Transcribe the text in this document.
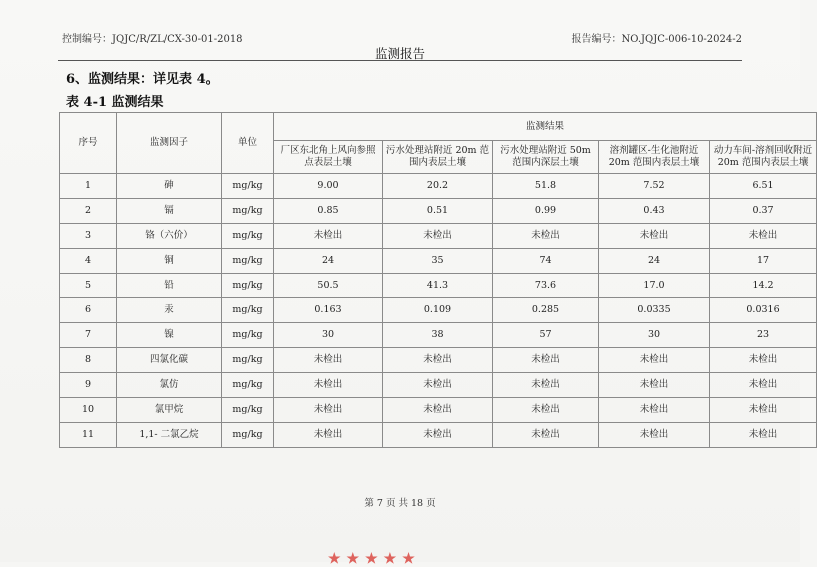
控制编号：JQJC/R/ZL/CX-30-01-2018	报告编号：NO.JQJC-006-10-2024-2
监测报告
6、监测结果：详见表 4。
表 4-1 监测结果
序号	监测因子	单位	监测结果				
			厂区东北角上风向参照点表层土壤	污水处理站附近 20m 范围内表层土壤	污水处理站附近 50m 范围内深层土壤	溶剂罐区-生化池附近 20m 范围内表层土壤	动力车间-溶剂回收附近 20m 范围内表层土壤
1	砷	mg/kg	9.00	20.2	51.8	7.52	6.51
2	镉	mg/kg	0.85	0.51	0.99	0.43	0.37
3	铬（六价）	mg/kg	未检出	未检出	未检出	未检出	未检出
4	铜	mg/kg	24	35	74	24	17
5	铅	mg/kg	50.5	41.3	73.6	17.0	14.2
6	汞	mg/kg	0.163	0.109	0.285	0.0335	0.0316
7	镍	mg/kg	30	38	57	30	23
8	四氯化碳	mg/kg	未检出	未检出	未检出	未检出	未检出
9	氯仿	mg/kg	未检出	未检出	未检出	未检出	未检出
10	氯甲烷	mg/kg	未检出	未检出	未检出	未检出	未检出
11	1,1- 二氯乙烷	mg/kg	未检出	未检出	未检出	未检出	未检出
第 7 页 共 18 页
★★★★★
